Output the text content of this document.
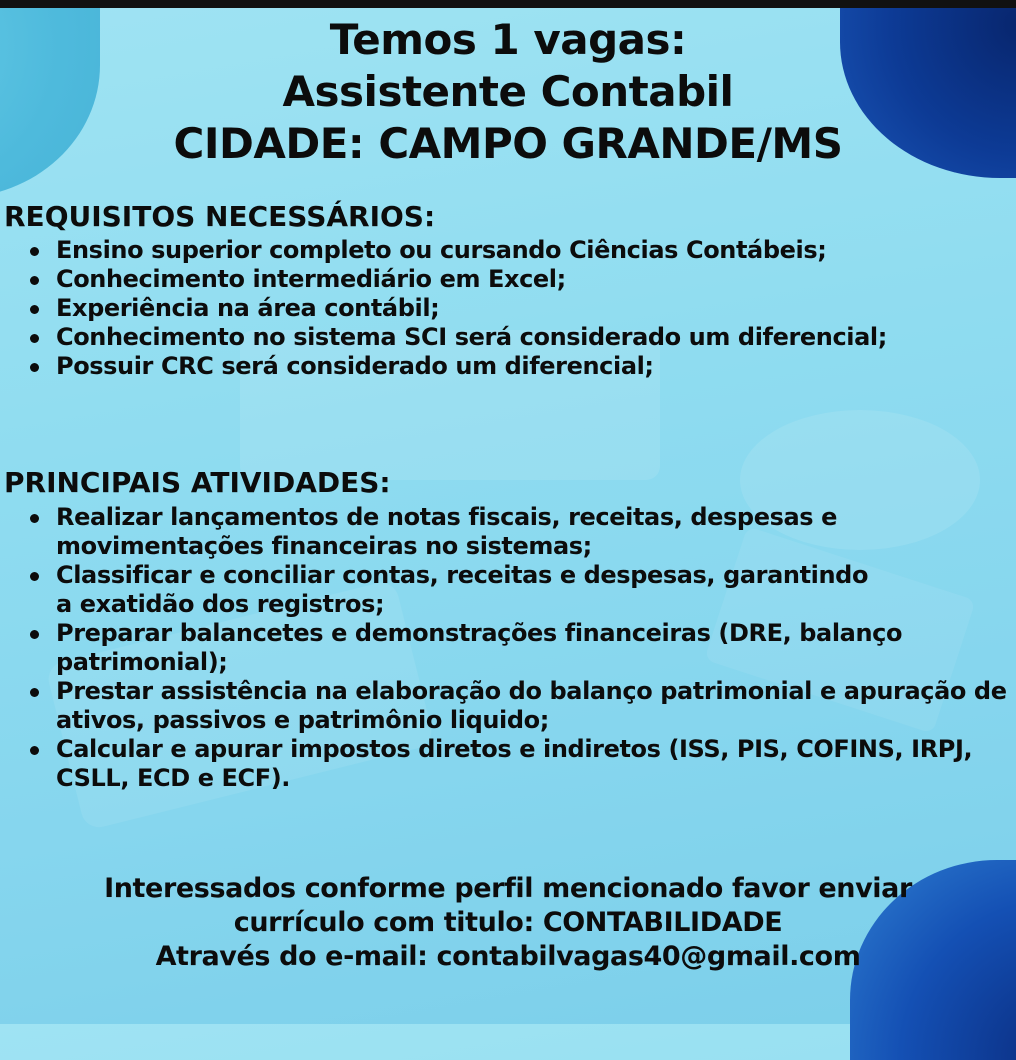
Temos 1 vagas:
Assistente Contabil
CIDADE: CAMPO GRANDE/MS
REQUISITOS NECESSÁRIOS:
Ensino superior completo ou cursando Ciências Contábeis;
Conhecimento intermediário em Excel;
Experiência na área contábil;
Conhecimento no sistema SCI será considerado um diferencial;
Possuir CRC será considerado um diferencial;
PRINCIPAIS ATIVIDADES:
Realizar lançamentos de notas fiscais, receitas, despesas e movimentações financeiras no sistemas;
Classificar e conciliar contas, receitas e despesas, garantindo a exatidão dos registros;
Preparar balancetes e demonstrações financeiras (DRE, balanço patrimonial);
Prestar assistência na elaboração do balanço patrimonial e apuração de ativos, passivos e patrimônio liquido;
Calcular e apurar impostos diretos e indiretos (ISS, PIS, COFINS, IRPJ, CSLL, ECD e ECF).

Interessados conforme perfil mencionado favor enviar
currículo com titulo: CONTABILIDADE
Através do e-mail: contabilvagas40@gmail.com
